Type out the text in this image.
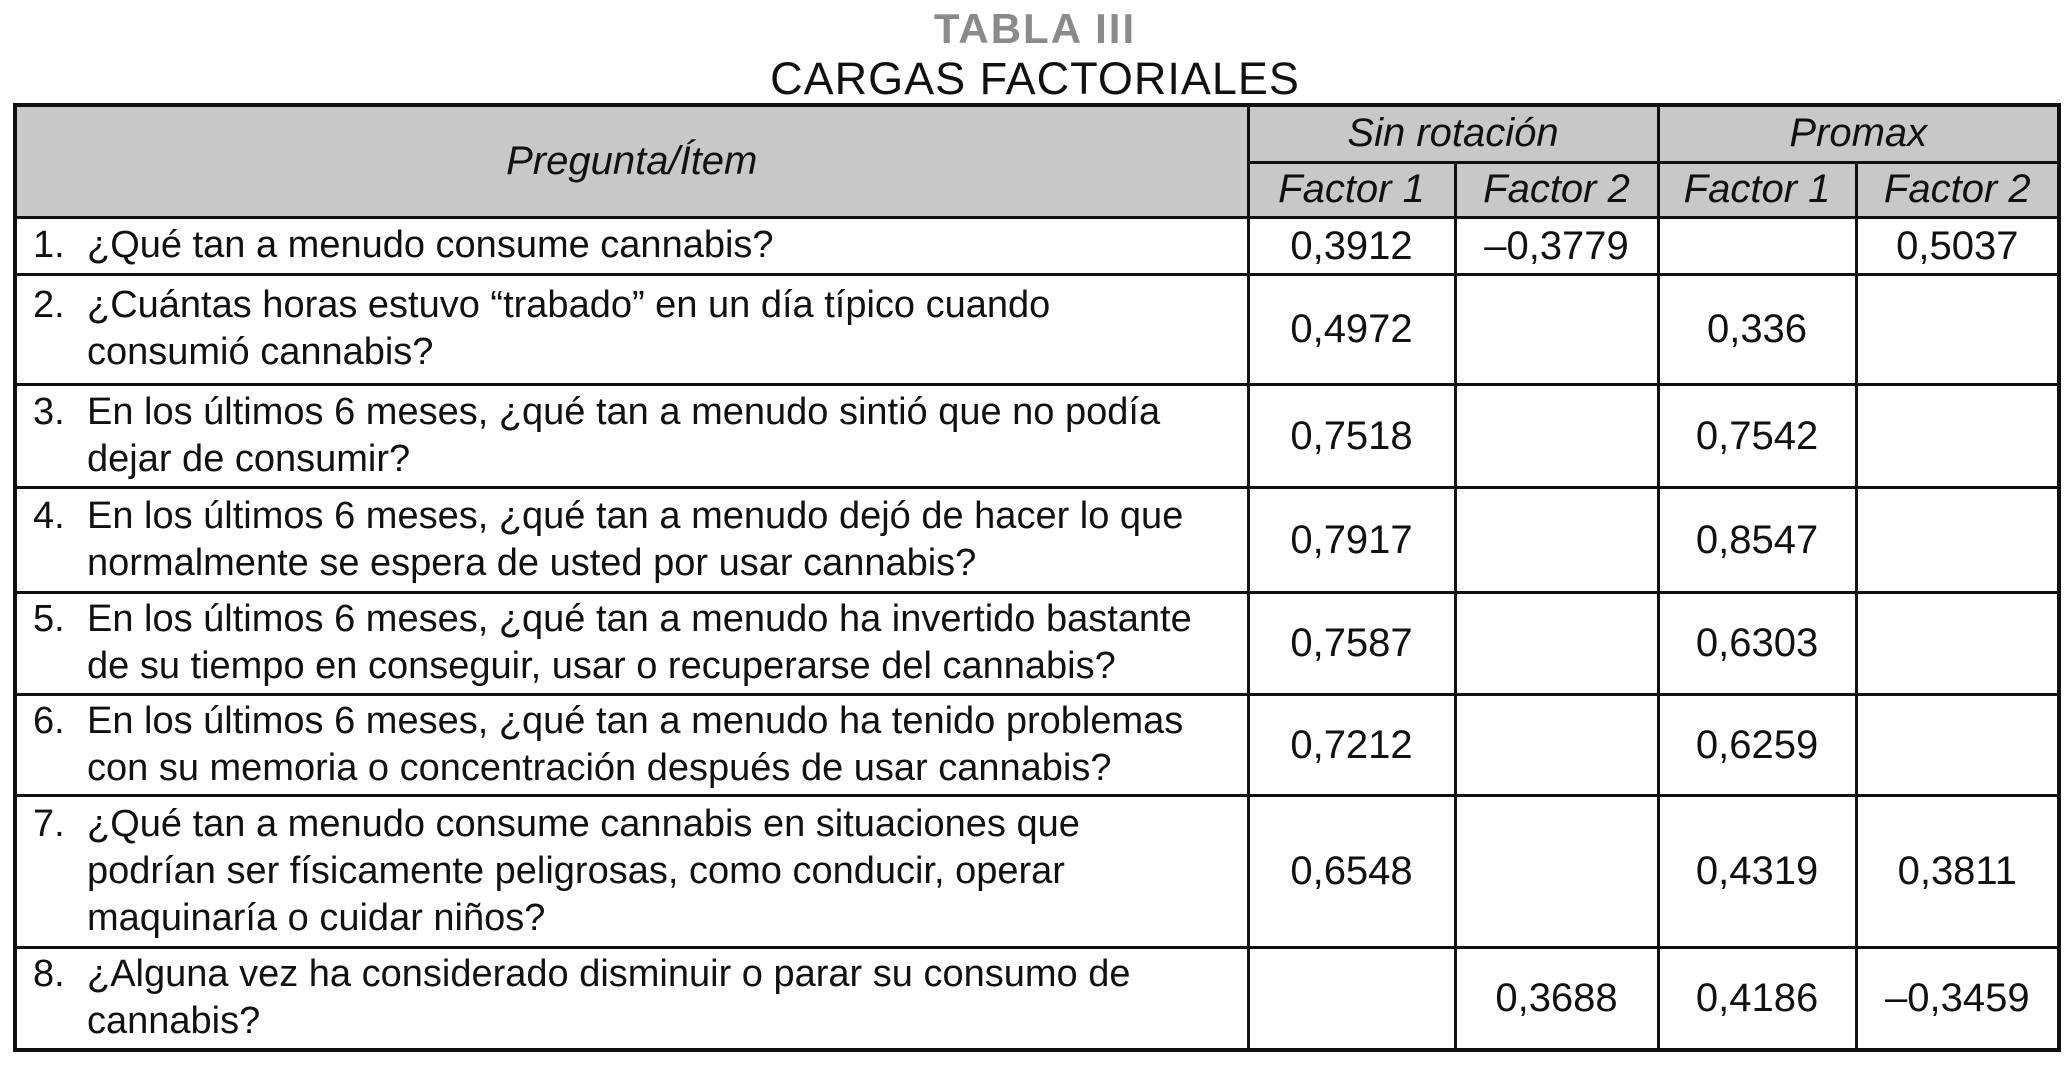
TABLA III
CARGAS FACTORIALES
Pregunta/Ítem	Sin rotación		Promax	
	Factor 1	Factor 2	Factor 1	Factor 2

1. ¿Qué tan a menudo consume cannabis?	0,3912	–0,3779		0,5037

2. ¿Cuántas horas estuvo “trabado” en un día típico cuando consumió cannabis?	0,4972		0,336	

3. En los últimos 6 meses, ¿qué tan a menudo sintió que no podía dejar de consumir?	0,7518		0,7542	

4. En los últimos 6 meses, ¿qué tan a menudo dejó de hacer lo que normalmente se espera de usted por usar cannabis?	0,7917		0,8547	

5. En los últimos 6 meses, ¿qué tan a menudo ha invertido bastante de su tiempo en conseguir, usar o recuperarse del cannabis?	0,7587		0,6303	

6. En los últimos 6 meses, ¿qué tan a menudo ha tenido problemas con su memoria o concentración después de usar cannabis?	0,7212		0,6259	

7. ¿Qué tan a menudo consume cannabis en situaciones que podrían ser físicamente peligrosas, como conducir, operar maquinaría o cuidar niños?	0,6548		0,4319	0,3811

8. ¿Alguna vez ha considerado disminuir o parar su consumo de cannabis?		0,3688	0,4186	–0,3459
